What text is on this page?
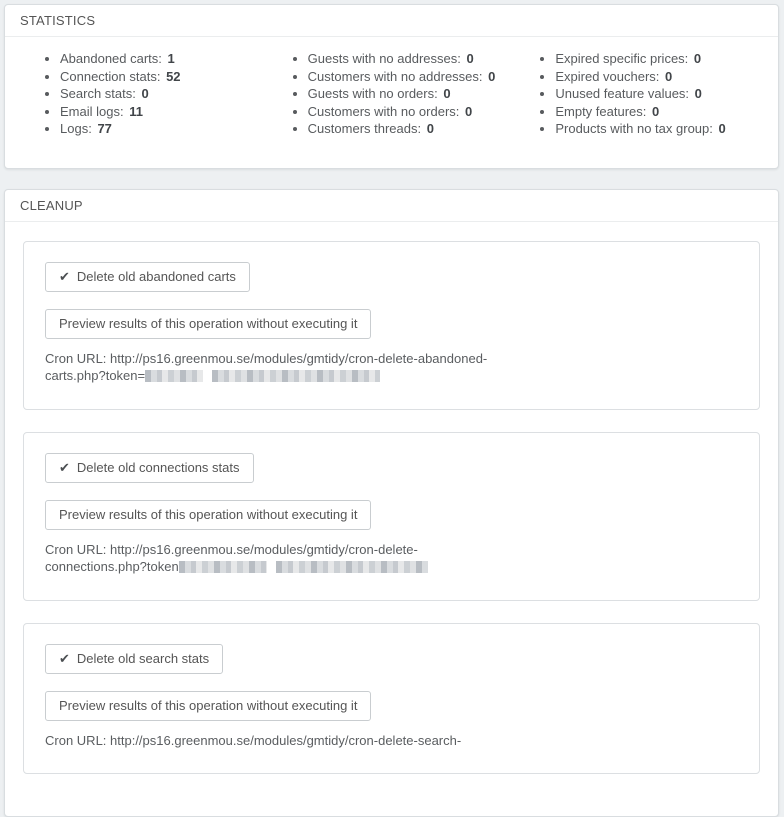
STATISTICS
• Abandoned carts: 1
• Connection stats: 52
• Search stats: 0
• Email logs: 11
• Logs: 77
• Guests with no addresses: 0
• Customers with no addresses: 0
• Guests with no orders: 0
• Customers with no orders: 0
• Customers threads: 0
• Expired specific prices: 0
• Expired vouchers: 0
• Unused feature values: 0
• Empty features: 0
• Products with no tax group: 0
CLEANUP
✔ Delete old abandoned carts
Preview results of this operation without executing it
Cron URL: http://ps16.greenmou.se/modules/gmtidy/cron-delete-abandoned-
carts.php?token=
✔ Delete old connections stats
Preview results of this operation without executing it
Cron URL: http://ps16.greenmou.se/modules/gmtidy/cron-delete-
connections.php?token
✔ Delete old search stats
Preview results of this operation without executing it
Cron URL: http://ps16.greenmou.se/modules/gmtidy/cron-delete-search-
